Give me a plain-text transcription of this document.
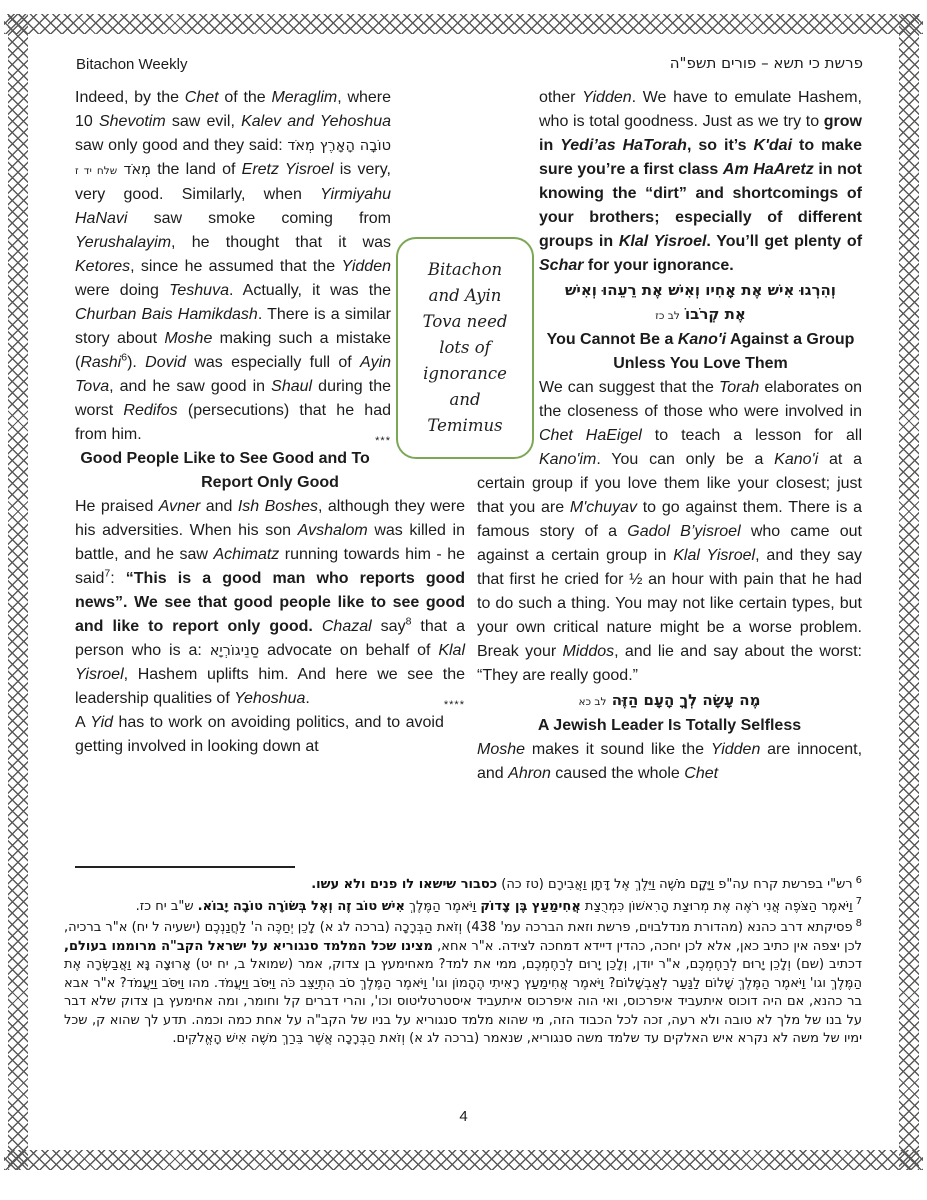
Bitachon Weekly	פרשת כי תשא – פורים תשפ"ה

Indeed, by the Chet of the Meraglim, where 10 Shevotim saw evil, Kalev and Yehoshua saw only good and they said: טוֹבָה הָאָרֶץ מְאֹד מְאֹד שלח יד ז the land of Eretz Yisroel is very, very good. Similarly, when Yirmiyahu HaNavi saw smoke coming from Yerushalayim, he thought that it was Ketores, since he assumed that the Yidden were doing Teshuva. Actually, it was the Churban Bais Hamikdash. There is a similar story about Moshe making such a mistake (Rashi$^6$). Dovid was especially full of Ayin Tova, and he saw good in Shaul during the worst Redifos (persecutions) that he had from him.	***

Good People Like to See Good and To Report Only Good

He praised Avner and Ish Boshes, although they were his adversities. When his son Avshalom was killed in battle, and he saw Achimatz running towards him - he said$^7$: “This is a good man who reports good news”. We see that good people like to see good and like to report only good. Chazal say$^8$ that a person who is a: סַנֵיגוֹרְיָא advocate on behalf of Klal Yisroel, Hashem uplifts him. And here we see the leadership qualities of Yehoshua.	****

A Yid has to work on avoiding politics, and to avoid getting involved in looking down at

other Yidden. We have to emulate Hashem, who is total goodness. Just as we try to grow in Yedi’as HaTorah, so it’s K'dai to make sure you’re a first class Am HaAretz in not knowing the “dirt” and shortcomings of your brothers; especially of different groups in Klal Yisroel. You’ll get plenty of Schar for your ignorance.

וְהִרְגוּ אִישׁ אֶת אָחִיו וְאִישׁ אֶת רֵעֵהוּ וְאִישׁ
אֶת קְרֹבוֹ לב כז
You Cannot Be a Kano'i Against a Group Unless You Love Them

We can suggest that the Torah elaborates on the closeness of those who were involved in Chet HaEigel to teach a lesson for all Kano'im. You can only be a Kano'i at a certain group if you love them like your closest; just that you are M'chuyav to go against them. There is a famous story of a Gadol B’yisroel who came out against a certain group in Klal Yisroel, and they say that first he cried for ½ an hour with pain that he had to do such a thing. You may not like certain types, but your own critical nature might be a worse problem. Break your Middos, and lie and say about the worst: “They are really good.”

מֶה עָשָׂה לְךָ הָעָם הַזֶּה לב כא
A Jewish Leader Is Totally Selfless

Moshe makes it sound like the Yidden are innocent, and Ahron caused the whole Chet

Bitachon
and Ayin
Tova need
lots of
ignorance
and
Temimus
$^6$רש"י בפרשת קרח עה"פ וַיָּקָם מֹשֶׁה וַיֵּלֶךְ אֶל דָּתָן וַאֲבִירָם (טז כה) כסבור שישאו לו פנים ולא עשו.
$^7$וַיֹּאמֶר הַצֹּפֶה אֲנִי רֹאֶה אֶת מְרוּצַת הָרִאשׁוֹן כִּמְרֻצַת אֲחִימַעַץ בֶּן צָדוֹק וַיֹּאמֶר הַמֶּלֶךְ אִישׁ טוֹב זֶה וְאֶל בְּשׂוֹרָה טוֹבָה יָבוֹא. ש"ב יח כז.
$^8$פסיקתא דרב כהנא (מהדורת מנדלבוים, פרשת וזאת הברכה עמ' 438) וְזֹאת הַבְּרָכָה (ברכה לג א) לָכֵן יְחַכֶּה ה' לַחֲנַנְכֶם (ישעיה ל יח) א"ר ברכיה, לכן יצפה אין כתיב כאן, אלא לכן יחכה, כהדין דיידא דמחכה לצידה. א"ר אחא, מצינו שכל המלמד סנגוריא על ישראל הקב"ה מרוממו בעולם, דכתיב (שם) וְלָכֵן יָרוּם לְרַחֶמְכֶם, א"ר יודן, וְלָכֵן יָרוּם לְרַחֶמְכֶם, ממי את למד? מאחימעץ בן צדוק, אמר (שמואל ב, יח יט) אָרוּצָה נָּא וַאֲבַשְּׂרָה אֶת הַמֶּלֶךְ וגו' וַיֹּאמֶר הַמֶּלֶךְ שָׁלוֹם לַנַּעַר לְאַבְשָׁלוֹם? וַיֹּאמֶר אֲחִימַעַץ רָאִיתִי הֶהָמוֹן וגו' וַיֹּאמֶר הַמֶּלֶךְ סֹב הִתְיַצֵּב כֹּה וַיִּסֹּב וַיַּעֲמֹד. מהו וַיִּסֹּב וַיַּעֲמֹד? א"ר אבא בר כהנא, אם היה דוכוס איתעביד איפרכוס, ואי הוה איפרכוס איתעביד איסטרטליטוס וכו', והרי דברים קל וחומר, ומה אחימעץ בן צדוק שלא דבר על בנו של מלך לא טובה ולא רעה, זכה לכל הכבוד הזה, מי שהוא מלמד סנגוריא על בניו של הקב"ה על אחת כמה וכמה. תדע לך שהוא ק, שכל ימיו של משה לא נקרא איש האלקים עד שלמד משה סנגוריא, שנאמר (ברכה לג א) וְזֹאת הַבְּרָכָה אֲשֶׁר בֵּרַךְ משֶׁה אִישׁ הָאֱלֹקִים.
4
